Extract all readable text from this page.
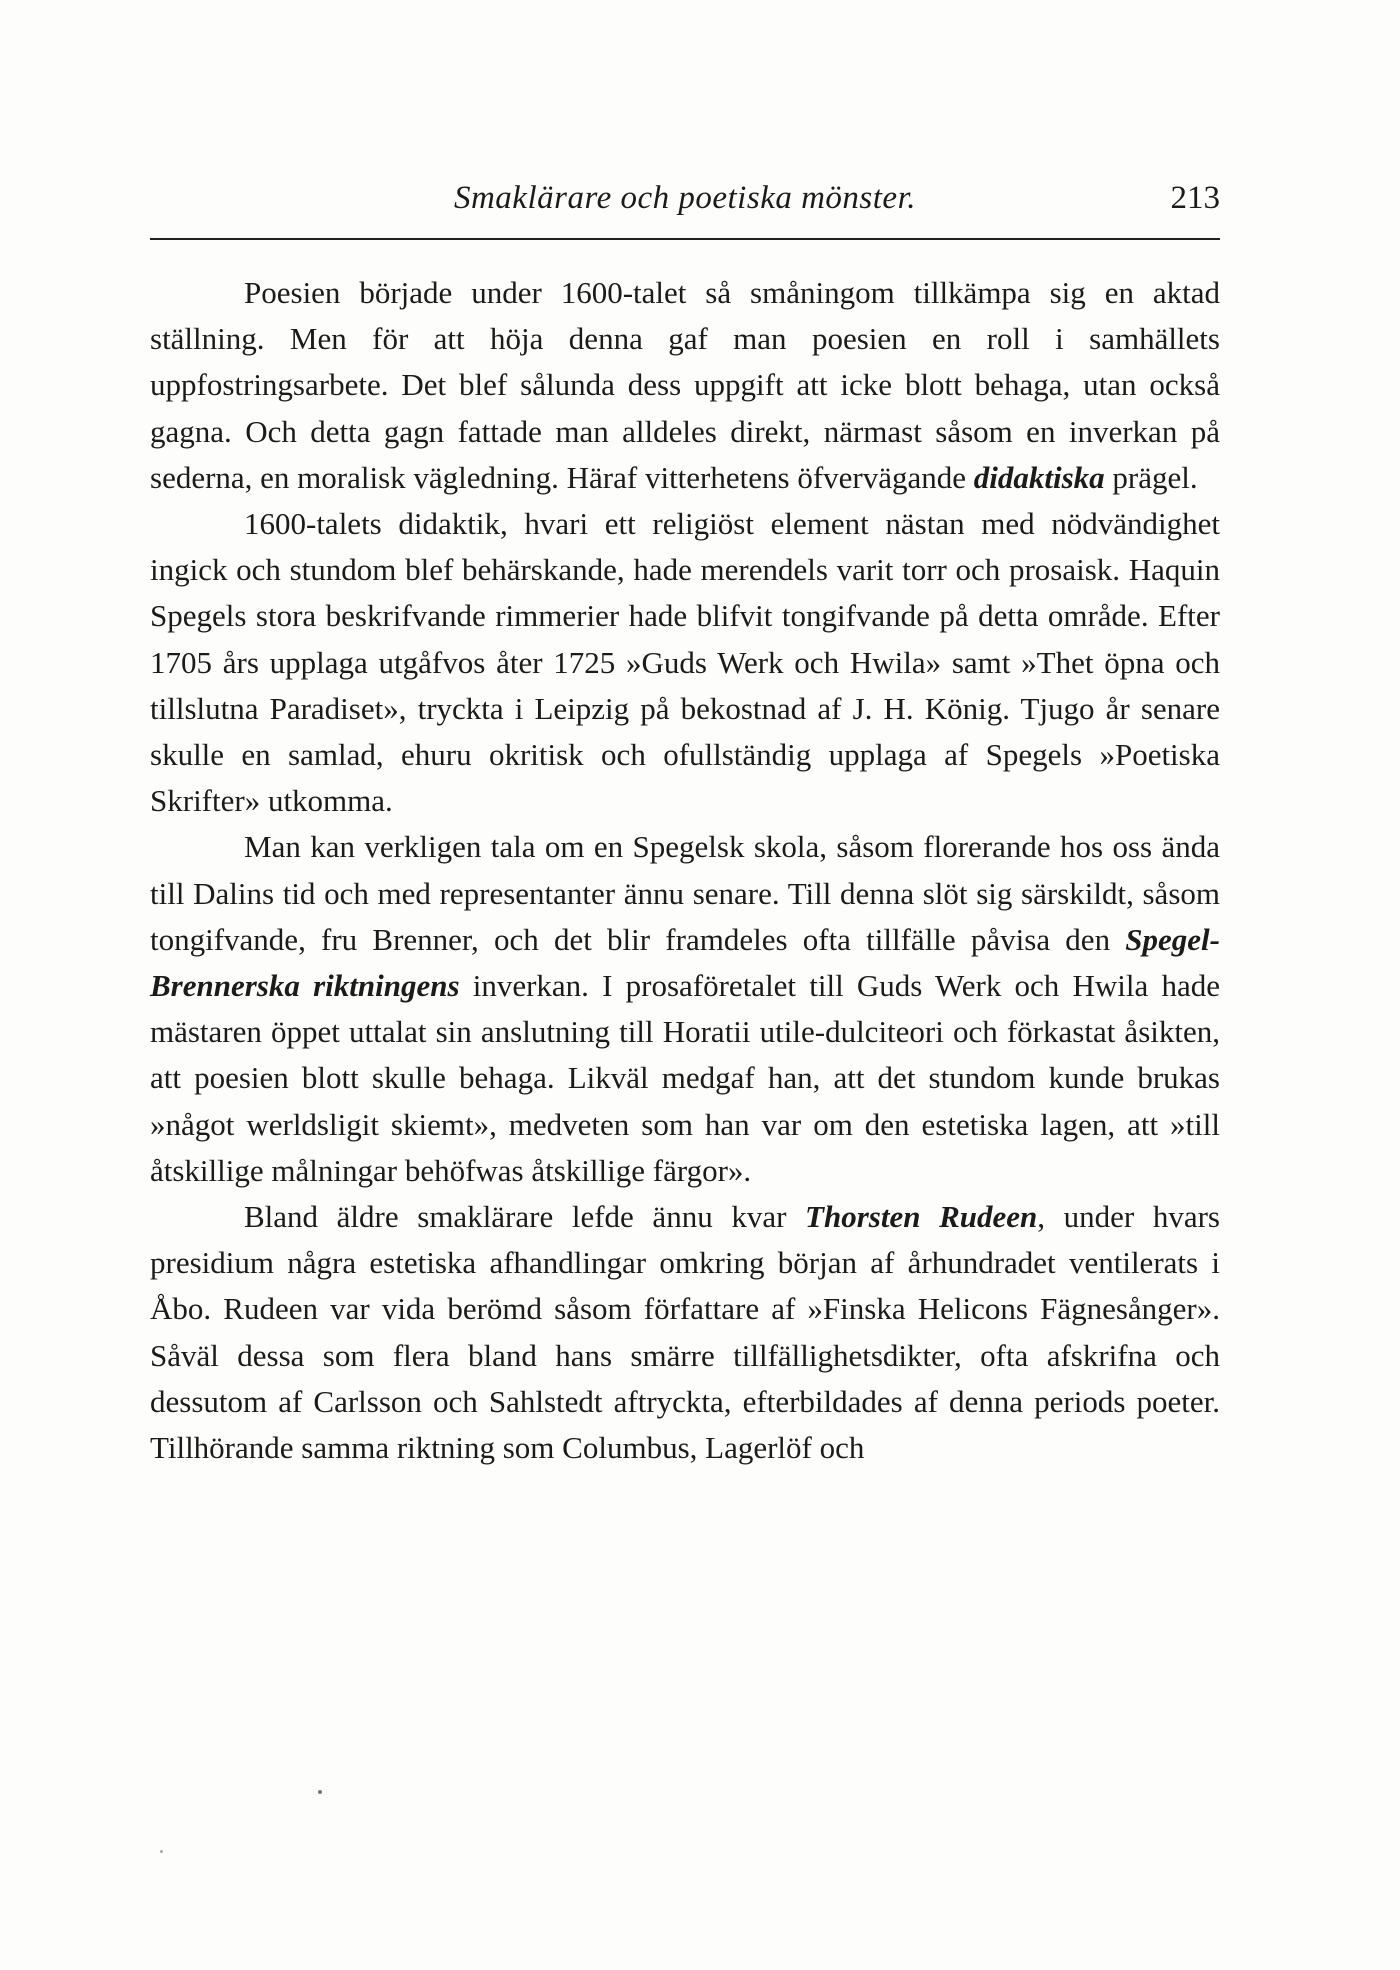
Smaklärare och poetiska mönster.	213

Poesien började under 1600-talet så småningom tillkämpa sig en aktad ställning. Men för att höja denna gaf man poesien en roll i samhällets uppfostringsarbete. Det blef sålunda dess uppgift att icke blott behaga, utan också gagna. Och detta gagn fattade man alldeles direkt, närmast såsom en inverkan på sederna, en moralisk vägledning. Häraf vitterhetens öfvervägande didaktiska prägel.

1600-talets didaktik, hvari ett religiöst element nästan med nödvändighet ingick och stundom blef behärskande, hade merendels varit torr och prosaisk. Haquin Spegels stora beskrifvande rimmerier hade blifvit tongifvande på detta område. Efter 1705 års upplaga utgåfvos åter 1725 »Guds Werk och Hwila» samt »Thet öpna och tillslutna Paradiset», tryckta i Leipzig på bekostnad af J. H. König. Tjugo år senare skulle en samlad, ehuru okritisk och ofullständig upplaga af Spegels »Poetiska Skrifter» utkomma.

Man kan verkligen tala om en Spegelsk skola, såsom florerande hos oss ända till Dalins tid och med representanter ännu senare. Till denna slöt sig särskildt, såsom tongifvande, fru Brenner, och det blir framdeles ofta tillfälle påvisa den Spegel-Brennerska riktningens inverkan. I prosaföretalet till Guds Werk och Hwila hade mästaren öppet uttalat sin anslutning till Horatii utile-dulciteori och förkastat åsikten, att poesien blott skulle behaga. Likväl medgaf han, att det stundom kunde brukas »något werldsligit skiemt», medveten som han var om den estetiska lagen, att »till åtskillige målningar behöfwas åtskillige färgor».

Bland äldre smaklärare lefde ännu kvar Thorsten Rudeen, under hvars presidium några estetiska afhandlingar omkring början af århundradet ventilerats i Åbo. Rudeen var vida berömd såsom författare af »Finska Helicons Fägnesånger». Såväl dessa som flera bland hans smärre tillfällighetsdikter, ofta afskrifna och dessutom af Carlsson och Sahlstedt aftryckta, efterbildades af denna periods poeter. Tillhörande samma riktning som Columbus, Lagerlöf och
